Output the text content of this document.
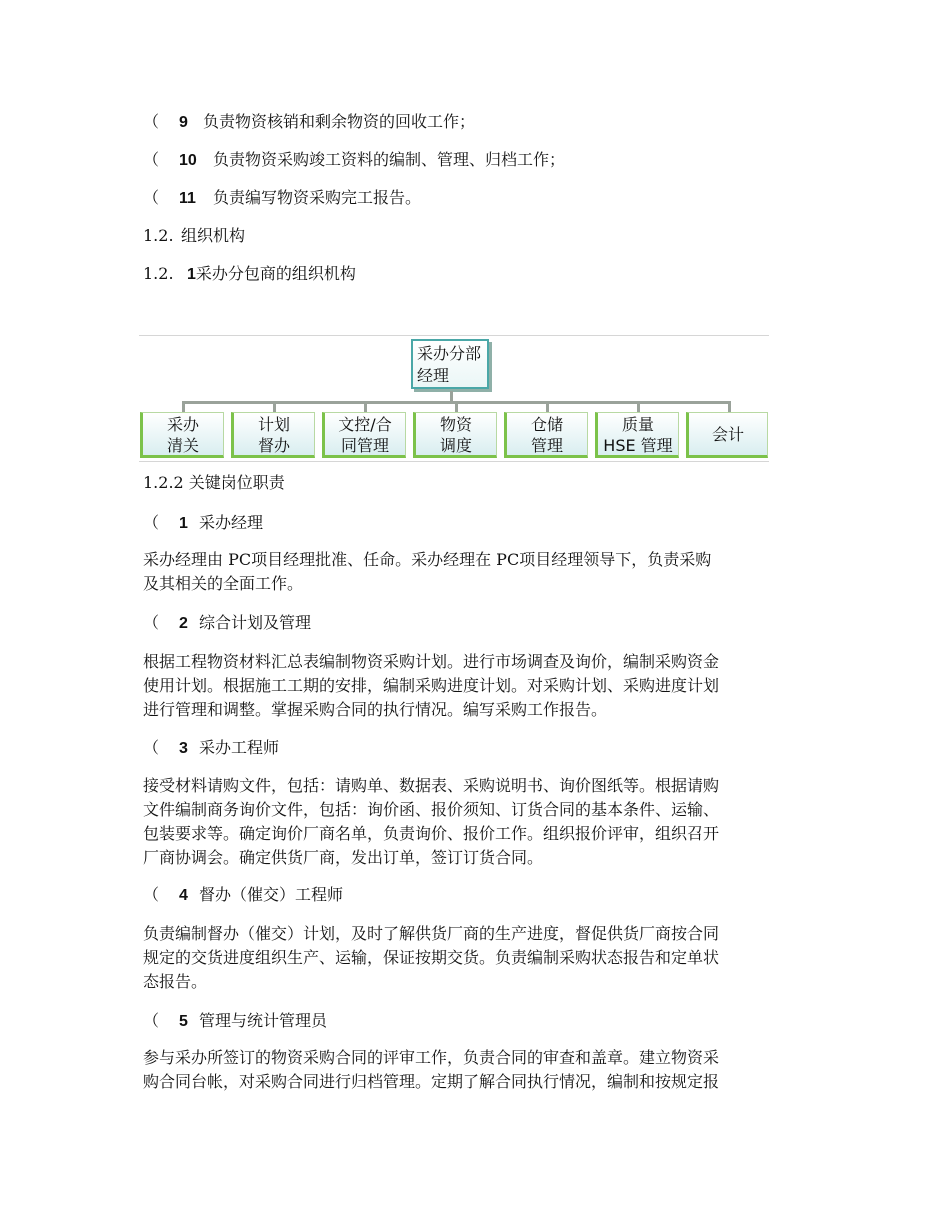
（ 9 负责物资核销和剩余物资的回收工作；
（ 10 负责物资采购竣工资料的编制、管理、归档工作；
（ 11 负责编写物资采购完工报告。
1.2. 组织机构
1.2. 1采办分包商的组织机构
采办分部
经理
采办
清关
计划
督办
文控/合
同管理
物资
调度
仓储
管理
质量
HSE 管理
会计
1.2.2 关键岗位职责
（ 1 采办经理
采办经理由 PC项目经理批准、任命。采办经理在 PC项目经理领导下，负责采购
及其相关的全面工作。
（ 2 综合计划及管理
根据工程物资材料汇总表编制物资采购计划。进行市场调查及询价，编制采购资金
使用计划。根据施工工期的安排，编制采购进度计划。对采购计划、采购进度计划
进行管理和调整。掌握采购合同的执行情况。编写采购工作报告。
（ 3 采办工程师
接受材料请购文件，包括：请购单、数据表、采购说明书、询价图纸等。根据请购
文件编制商务询价文件，包括：询价函、报价须知、订货合同的基本条件、运输、
包装要求等。确定询价厂商名单，负责询价、报价工作。组织报价评审，组织召开
厂商协调会。确定供货厂商，发出订单，签订订货合同。
（ 4 督办（催交）工程师
负责编制督办（催交）计划，及时了解供货厂商的生产进度，督促供货厂商按合同
规定的交货进度组织生产、运输，保证按期交货。负责编制采购状态报告和定单状
态报告。
（ 5 管理与统计管理员
参与采办所签订的物资采购合同的评审工作，负责合同的审查和盖章。建立物资采
购合同台帐，对采购合同进行归档管理。定期了解合同执行情况，编制和按规定报
